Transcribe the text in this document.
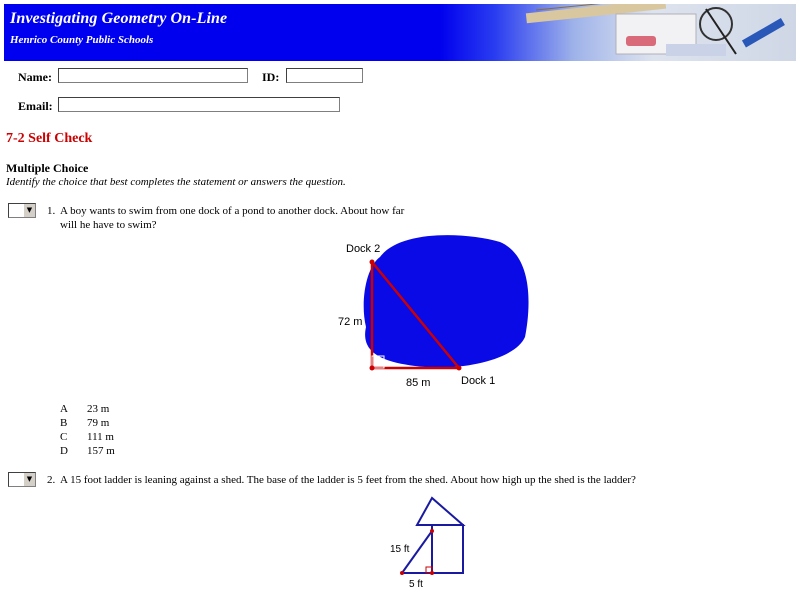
Investigating Geometry On-Line
Henrico County Public Schools
Name:	ID:
Email:
7-2 Self Check
Multiple Choice
Identify the choice that best completes the statement or answers the question.
▼ 1. A boy wants to swim from one dock of a pond to another dock. About how far
will he have to swim?
Dock 2
72 m
85 m	Dock 1
A 23 m
B 79 m
C 111 m
D 157 m
▼ 2. A 15 foot ladder is leaning against a shed. The base of the ladder is 5 feet from the shed. About how high up the shed is the ladder?
15 ft
5 ft
